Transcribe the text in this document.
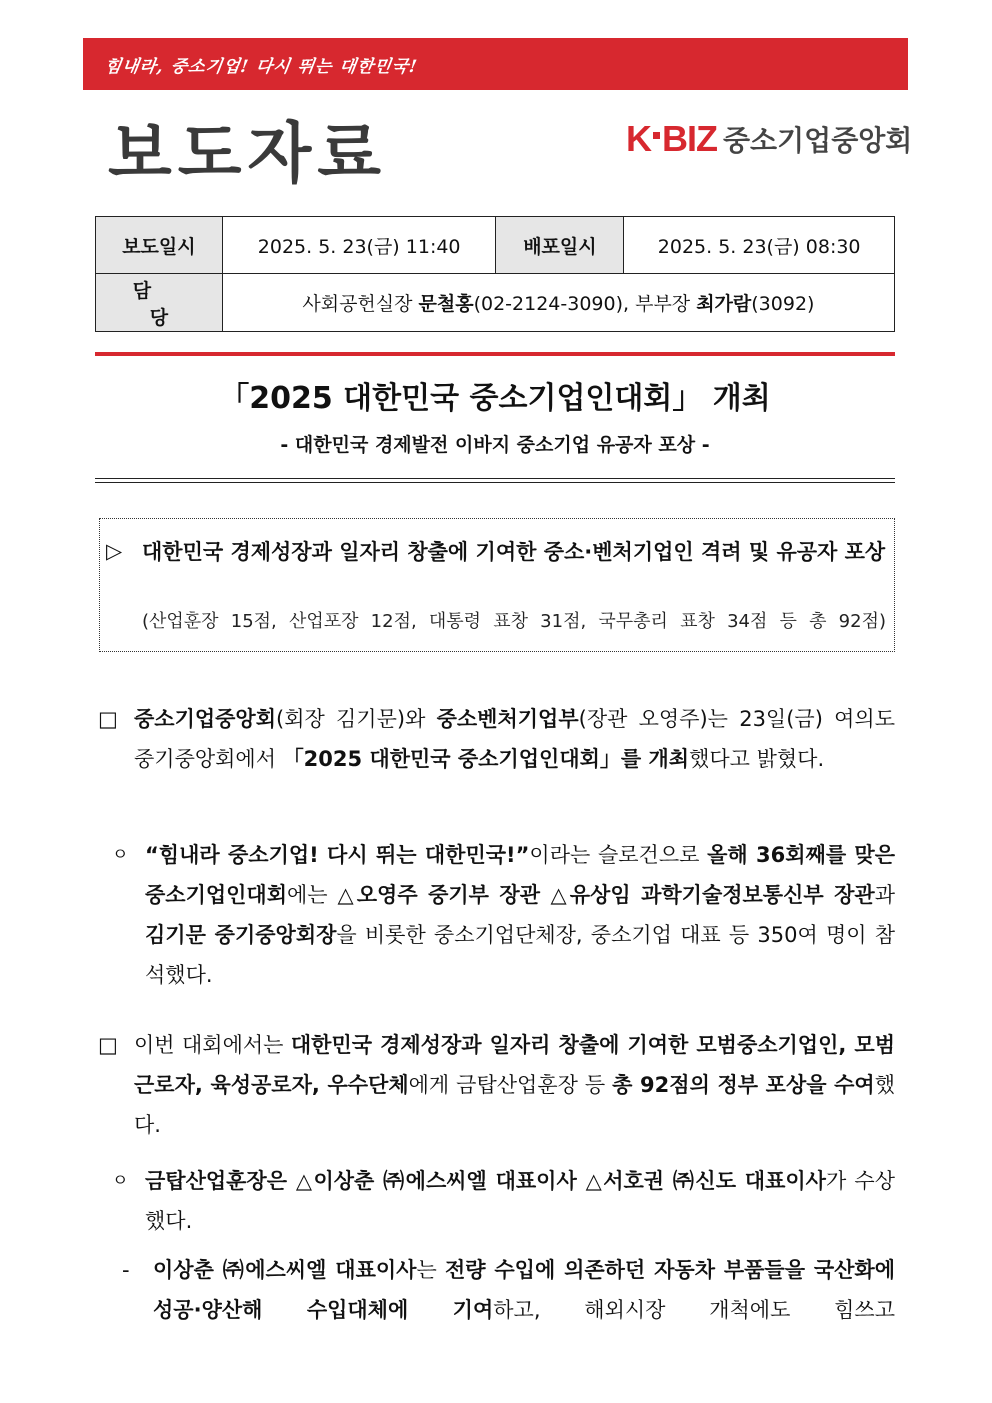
힘내라, 중소기업! 다시 뛰는 대한민국!
보도자료	K BIZ 중소기업중앙회
보도일시	2025. 5. 23(금) 11:40	배포일시	2025. 5. 23(금) 08:30
담 당	사회공헌실장 문철홍(02-2124-3090), 부부장 최가람(3092)		
「2025 대한민국 중소기업인대회」 개최
- 대한민국 경제발전 이바지 중소기업 유공자 포상 -
▷ 대한민국 경제성장과 일자리 창출에 기여한 중소·벤처기업인 격려 및 유공자 포상
(산업훈장 15점, 산업포장 12점, 대통령 표창 31점, 국무총리 표창 34점 등 총 92점)
□ 중소기업중앙회(회장 김기문)와 중소벤처기업부(장관 오영주)는 23일(금) 여의도 중기중앙회에서 「2025 대한민국 중소기업인대회」를 개최했다고 밝혔다.
ㅇ “힘내라 중소기업! 다시 뛰는 대한민국!”이라는 슬로건으로 올해 36회째를 맞은 중소기업인대회에는 △오영주 중기부 장관 △유상임 과학기술정보통신부 장관과 김기문 중기중앙회장을 비롯한 중소기업단체장, 중소기업 대표 등 350여 명이 참석했다.
□ 이번 대회에서는 대한민국 경제성장과 일자리 창출에 기여한 모범중소기업인, 모범근로자, 육성공로자, 우수단체에게 금탑산업훈장 등 총 92점의 정부 포상을 수여했다.
ㅇ 금탑산업훈장은 △이상춘 ㈜에스씨엘 대표이사 △서호권 ㈜신도 대표이사가 수상했다.
- 이상춘 ㈜에스씨엘 대표이사는 전량 수입에 의존하던 자동차 부품들을 국산화에 성공·양산해 수입대체에 기여하고, 해외시장 개척에도 힘쓰고
